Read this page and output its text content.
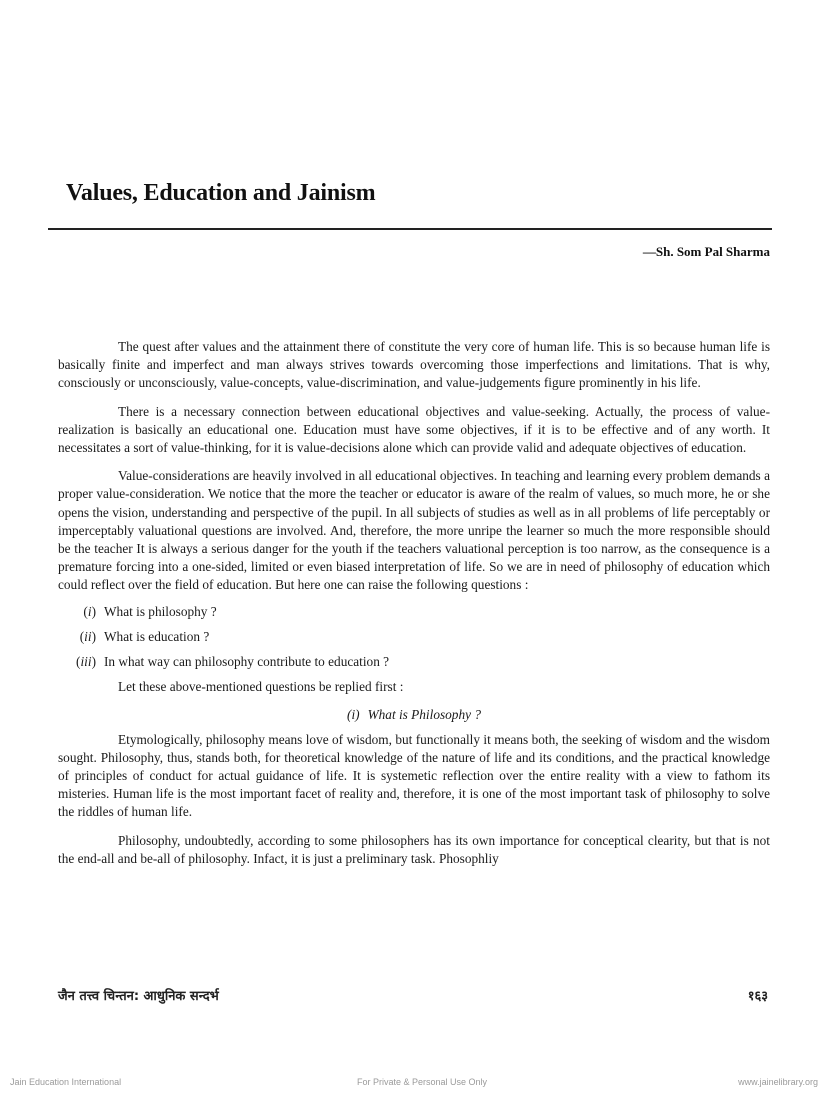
Values, Education and Jainism
—Sh. Som Pal Sharma

The quest after values and the attainment there of constitute the very core of human life. This is so because human life is basically finite and imperfect and man always strives towards overcoming those imperfections and limitations. That is why, consciously or unconsciously, value-concepts, value-discrimination, and value-judgements figure prominently in his life.

There is a necessary connection between educational objectives and value-seeking. Actually, the process of value-realization is basically an educational one. Education must have some objectives, if it is to be effective and of any worth. It necessitates a sort of value-thinking, for it is value-decisions alone which can provide valid and adequate objectives of education.

Value-considerations are heavily involved in all educational objectives. In teaching and learning every problem demands a proper value-consideration. We notice that the more the teacher or educator is aware of the realm of values, so much more, he or she opens the vision, understanding and perspective of the pupil. In all subjects of studies as well as in all problems of life perceptably or imperceptably valuational questions are involved. And, therefore, the more unripe the learner so much the more responsible should be the teacher It is always a serious danger for the youth if the teachers valuational perception is too narrow, as the consequence is a premature forcing into a one-sided, limited or even biased interpretation of life. So we are in need of philosophy of education which could reflect over the field of education. But here one can raise the following questions :

(i) What is philosophy ?
(ii) What is education ?
(iii) In what way can philosophy contribute to education ?

Let these above-mentioned questions be replied first :

(i) What is Philosophy ?

Etymologically, philosophy means love of wisdom, but functionally it means both, the seeking of wisdom and the wisdom sought. Philosophy, thus, stands both, for theoretical knowledge of the nature of life and its conditions, and the practical knowledge of principles of conduct for actual guidance of life. It is systemetic reflection over the entire reality with a view to fathom its misteries. Human life is the most important facet of reality and, therefore, it is one of the most important task of philosophy to solve the riddles of human life.

Philosophy, undoubtedly, according to some philosophers has its own importance for conceptical clearity, but that is not the end-all and be-all of philosophy. Infact, it is just a preliminary task. Phosophliy

जैन तत्त्व चिन्तन: आधुनिक सन्दर्भ	१६३
Jain Education International	For Private & Personal Use Only	www.jainelibrary.org
